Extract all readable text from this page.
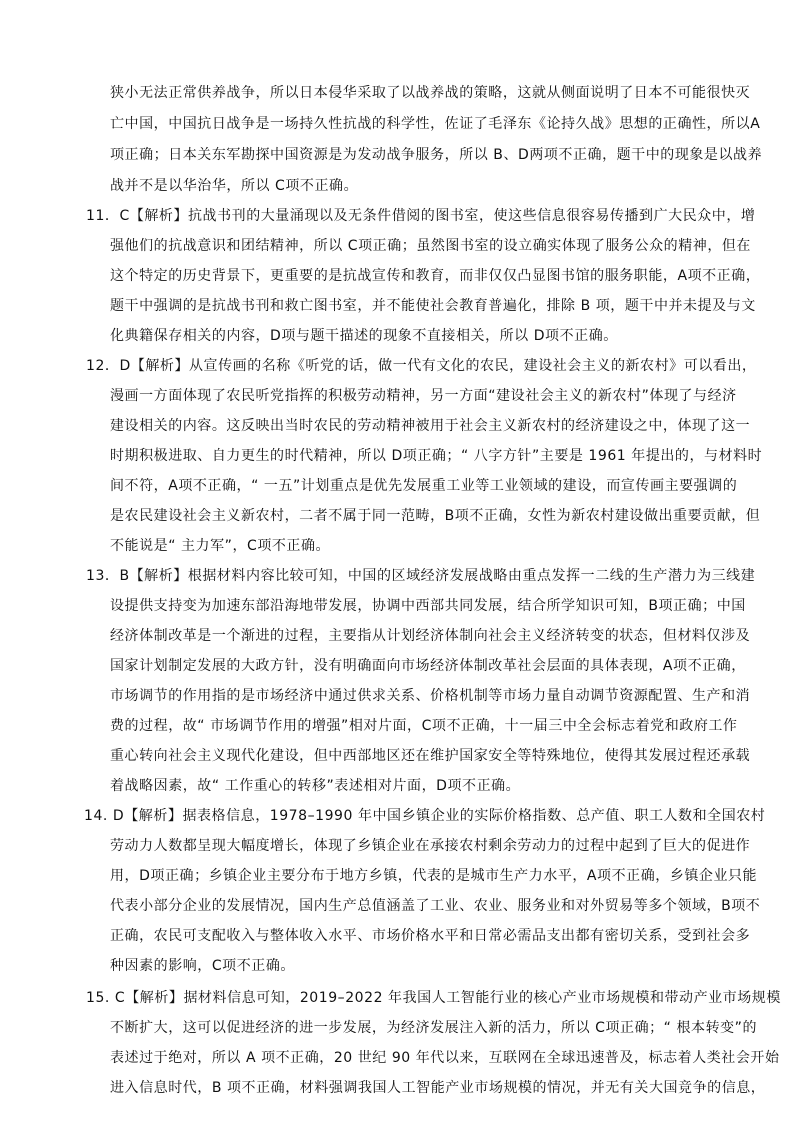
狭小无法正常供养战争，所以日本侵华采取了以战养战的策略，这就从侧面说明了日本不可能很快灭
亡中国，中国抗日战争是一场持久性抗战的科学性，佐证了毛泽东《论持久战》思想的正确性，所以A
项正确；日本关东军勘探中国资源是为发动战争服务，所以 B、D两项不正确，题干中的现象是以战养
战并不是以华治华，所以 C项不正确。
11．C【解析】抗战书刊的大量涌现以及无条件借阅的图书室，使这些信息很容易传播到广大民众中，增
强他们的抗战意识和团结精神，所以 C项正确；虽然图书室的设立确实体现了服务公众的精神，但在
这个特定的历史背景下，更重要的是抗战宣传和教育，而非仅仅凸显图书馆的服务职能，A项不正确，
题干中强调的是抗战书刊和救亡图书室，并不能使社会教育普遍化，排除 B 项，题干中并未提及与文
化典籍保存相关的内容，D项与题干描述的现象不直接相关，所以 D项不正确。
12．D【解析】从宣传画的名称《听党的话，做一代有文化的农民，建设社会主义的新农村》可以看出，
漫画一方面体现了农民听党指挥的积极劳动精神，另一方面“建设社会主义的新农村”体现了与经济
建设相关的内容。这反映出当时农民的劳动精神被用于社会主义新农村的经济建设之中，体现了这一
时期积极进取、自力更生的时代精神，所以 D项正确；“ 八字方针”主要是 1961 年提出的，与材料时
间不符，A项不正确，“ 一五”计划重点是优先发展重工业等工业领域的建设，而宣传画主要强调的
是农民建设社会主义新农村，二者不属于同一范畴，B项不正确，女性为新农村建设做出重要贡献，但
不能说是“ 主力军”，C项不正确。
13．B【解析】根据材料内容比较可知，中国的区域经济发展战略由重点发挥一二线的生产潜力为三线建
设提供支持变为加速东部沿海地带发展，协调中西部共同发展，结合所学知识可知，B项正确；中国
经济体制改革是一个渐进的过程，主要指从计划经济体制向社会主义经济转变的状态，但材料仅涉及
国家计划制定发展的大政方针，没有明确面向市场经济体制改革社会层面的具体表现，A项不正确，
市场调节的作用指的是市场经济中通过供求关系、价格机制等市场力量自动调节资源配置、生产和消
费的过程，故“ 市场调节作用的增强”相对片面，C项不正确，十一届三中全会标志着党和政府工作
重心转向社会主义现代化建设，但中西部地区还在维护国家安全等特殊地位，使得其发展过程还承载
着战略因素，故“ 工作重心的转移”表述相对片面，D项不正确。
14. D【解析】据表格信息，1978–1990 年中国乡镇企业的实际价格指数、总产值、职工人数和全国农村
劳动力人数都呈现大幅度增长，体现了乡镇企业在承接农村剩余劳动力的过程中起到了巨大的促进作
用，D项正确；乡镇企业主要分布于地方乡镇，代表的是城市生产力水平，A项不正确，乡镇企业只能
代表小部分企业的发展情况，国内生产总值涵盖了工业、农业、服务业和对外贸易等多个领域，B项不
正确，农民可支配收入与整体收入水平、市场价格水平和日常必需品支出都有密切关系，受到社会多
种因素的影响，C项不正确。
15. C【解析】据材料信息可知，2019–2022 年我国人工智能行业的核心产业市场规模和带动产业市场规模
不断扩大，这可以促进经济的进一步发展，为经济发展注入新的活力，所以 C项正确；“ 根本转变”的
表述过于绝对，所以 A 项不正确，20 世纪 90 年代以来，互联网在全球迅速普及，标志着人类社会开始
进入信息时代，B 项不正确，材料强调我国人工智能产业市场规模的情况，并无有关大国竞争的信息，
